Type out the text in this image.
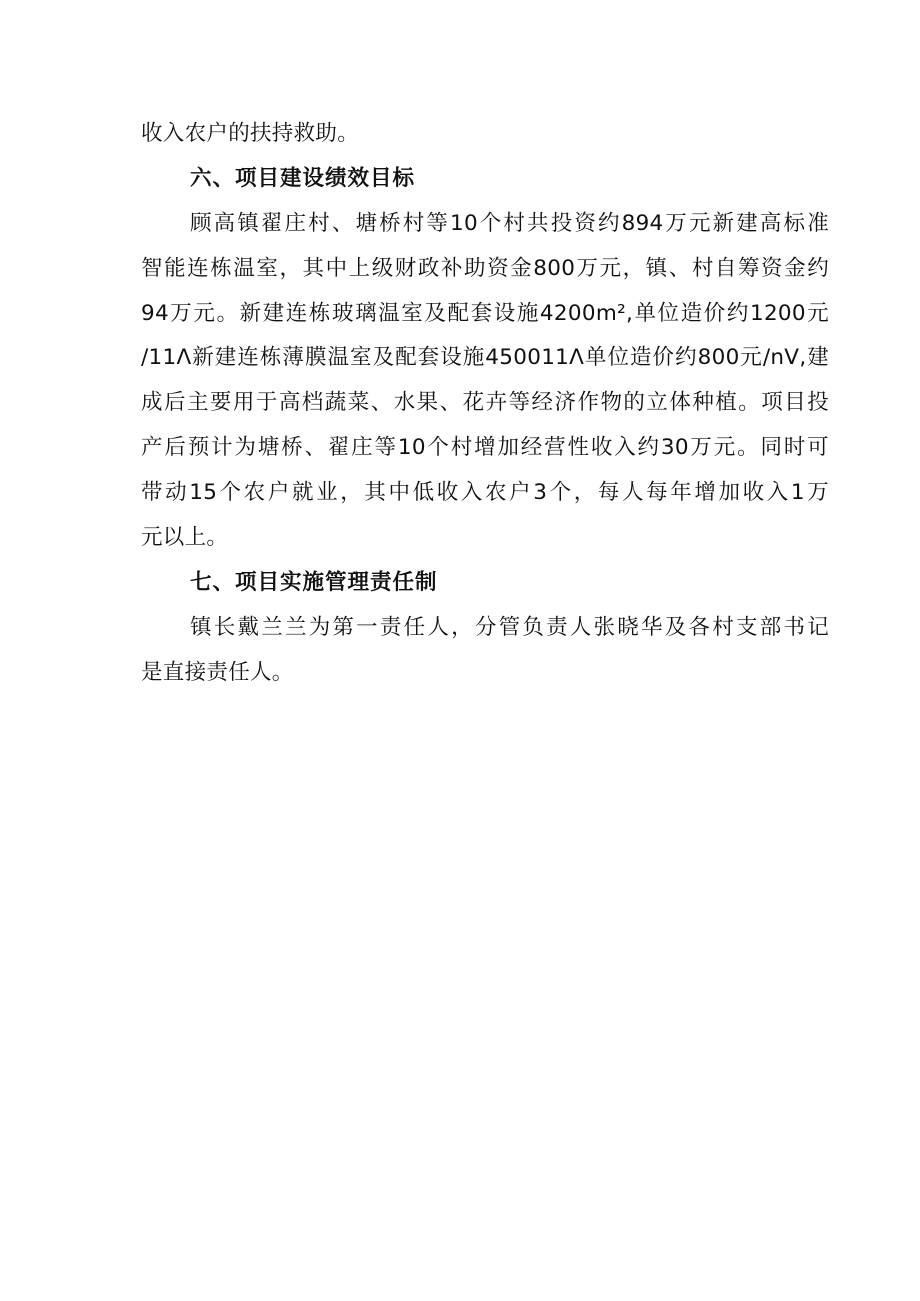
收入农户的扶持救助。
六、项目建设绩效目标
顾高镇翟庄村、塘桥村等10个村共投资约894万元新建高标准
智能连栋温室，其中上级财政补助资金800万元，镇、村自筹资金约
94万元。新建连栋玻璃温室及配套设施4200m²,单位造价约1200元
∕11Λ新建连栋薄膜温室及配套设施450011Λ单位造价约800元/nV,建
成后主要用于高档蔬菜、水果、花卉等经济作物的立体种植。项目投
产后预计为塘桥、翟庄等10个村增加经营性收入约30万元。同时可
带动15个农户就业，其中低收入农户3个，每人每年增加收入1万
元以上。
七、项目实施管理责任制
镇长戴兰兰为第一责任人，分管负责人张晓华及各村支部书记
是直接责任人。
